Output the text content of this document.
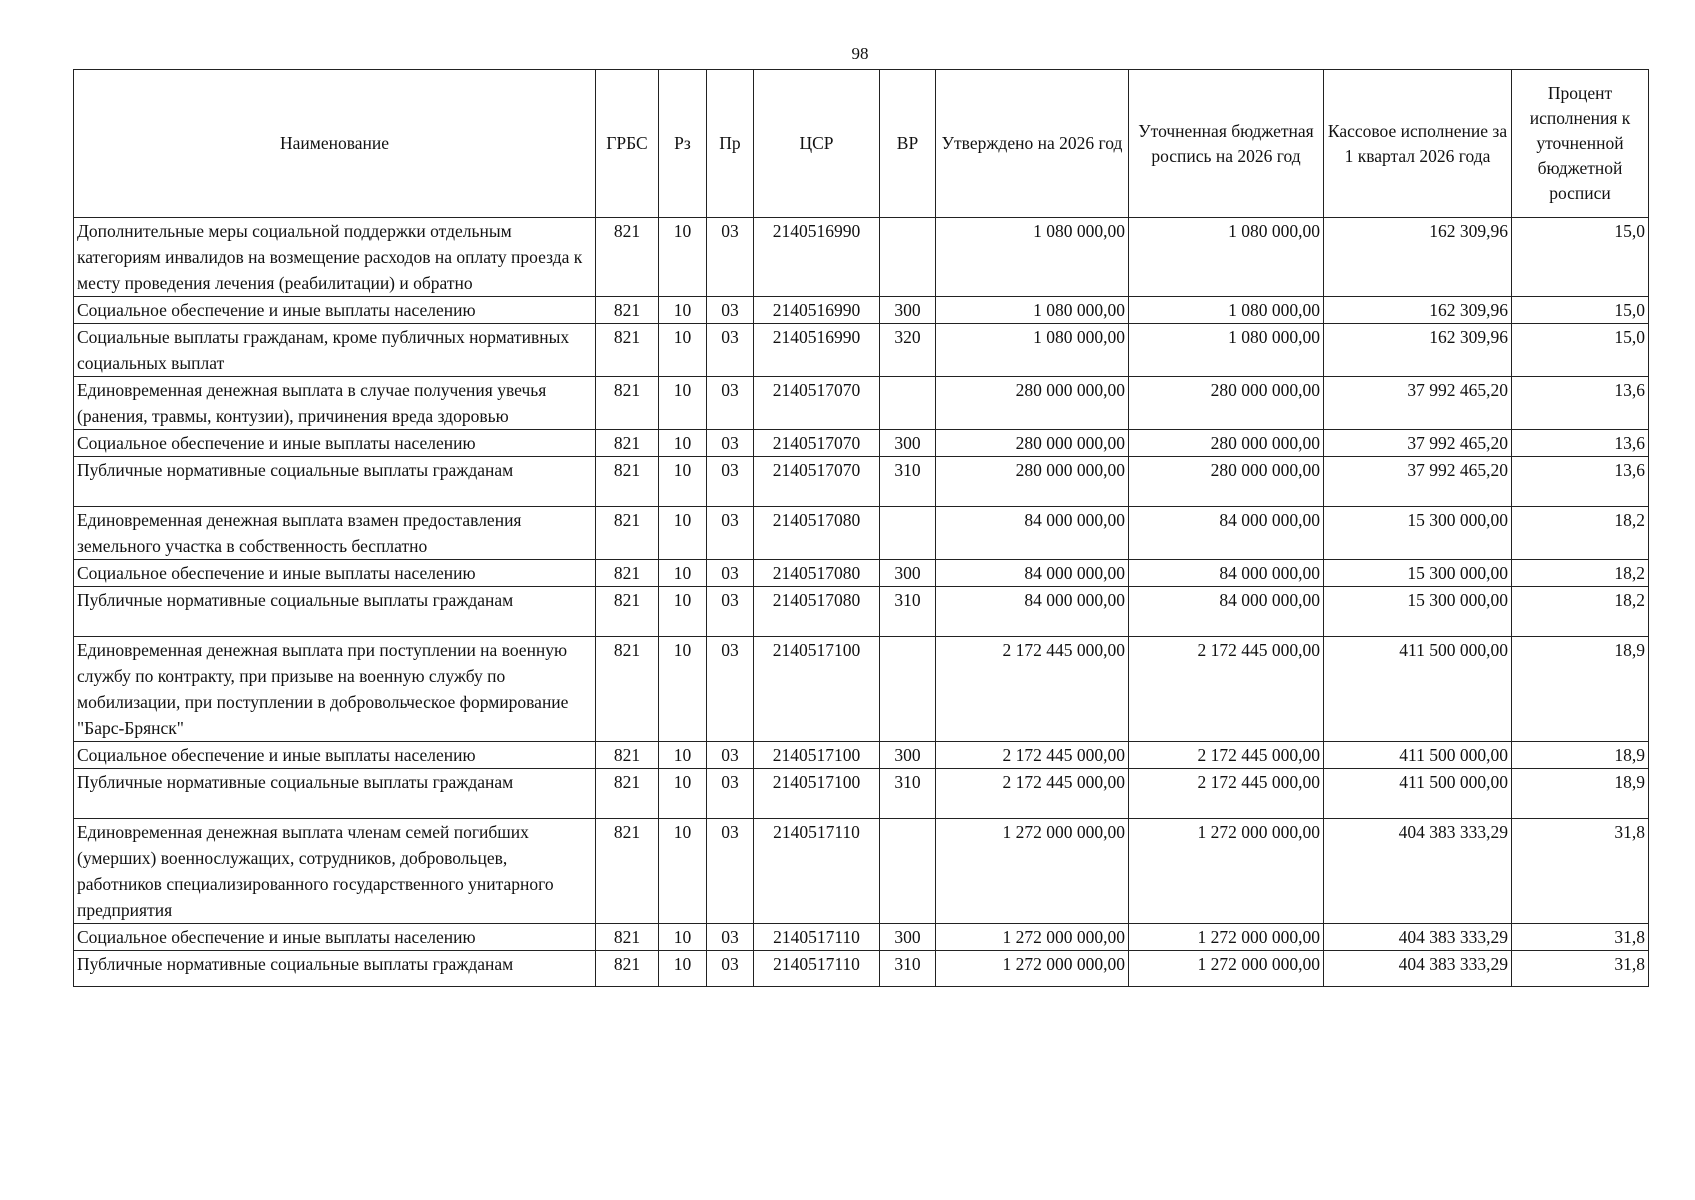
98
Наименование	ГРБС	Рз	Пр	ЦСР	ВР	Утверждено на 2026 год	Уточненная бюджетная роспись на 2026 год	Кассовое исполнение за 1 квартал 2026 года	Процент исполнения к уточненной бюджетной росписи
Дополнительные меры социальной поддержки отдельным категориям инвалидов на возмещение расходов на оплату проезда к месту проведения лечения (реабилитации) и обратно	821	10	03	2140516990		1 080 000,00	1 080 000,00	162 309,96	15,0
Социальное обеспечение и иные выплаты населению	821	10	03	2140516990	300	1 080 000,00	1 080 000,00	162 309,96	15,0
Социальные выплаты гражданам, кроме публичных нормативных социальных выплат	821	10	03	2140516990	320	1 080 000,00	1 080 000,00	162 309,96	15,0
Единовременная денежная выплата в случае получения увечья (ранения, травмы, контузии), причинения вреда здоровью	821	10	03	2140517070		280 000 000,00	280 000 000,00	37 992 465,20	13,6
Социальное обеспечение и иные выплаты населению	821	10	03	2140517070	300	280 000 000,00	280 000 000,00	37 992 465,20	13,6
Публичные нормативные социальные выплаты гражданам	821	10	03	2140517070	310	280 000 000,00	280 000 000,00	37 992 465,20	13,6
Единовременная денежная выплата взамен предоставления земельного участка в собственность бесплатно	821	10	03	2140517080		84 000 000,00	84 000 000,00	15 300 000,00	18,2
Социальное обеспечение и иные выплаты населению	821	10	03	2140517080	300	84 000 000,00	84 000 000,00	15 300 000,00	18,2
Публичные нормативные социальные выплаты гражданам	821	10	03	2140517080	310	84 000 000,00	84 000 000,00	15 300 000,00	18,2
Единовременная денежная выплата при поступлении на военную службу по контракту, при призыве на военную службу по мобилизации, при поступлении в добровольческое формирование "Барс-Брянск"	821	10	03	2140517100		2 172 445 000,00	2 172 445 000,00	411 500 000,00	18,9
Социальное обеспечение и иные выплаты населению	821	10	03	2140517100	300	2 172 445 000,00	2 172 445 000,00	411 500 000,00	18,9
Публичные нормативные социальные выплаты гражданам	821	10	03	2140517100	310	2 172 445 000,00	2 172 445 000,00	411 500 000,00	18,9
Единовременная денежная выплата членам семей погибших (умерших) военнослужащих, сотрудников, добровольцев, работников специализированного государственного унитарного предприятия	821	10	03	2140517110		1 272 000 000,00	1 272 000 000,00	404 383 333,29	31,8
Социальное обеспечение и иные выплаты населению	821	10	03	2140517110	300	1 272 000 000,00	1 272 000 000,00	404 383 333,29	31,8
Публичные нормативные социальные выплаты гражданам	821	10	03	2140517110	310	1 272 000 000,00	1 272 000 000,00	404 383 333,29	31,8
